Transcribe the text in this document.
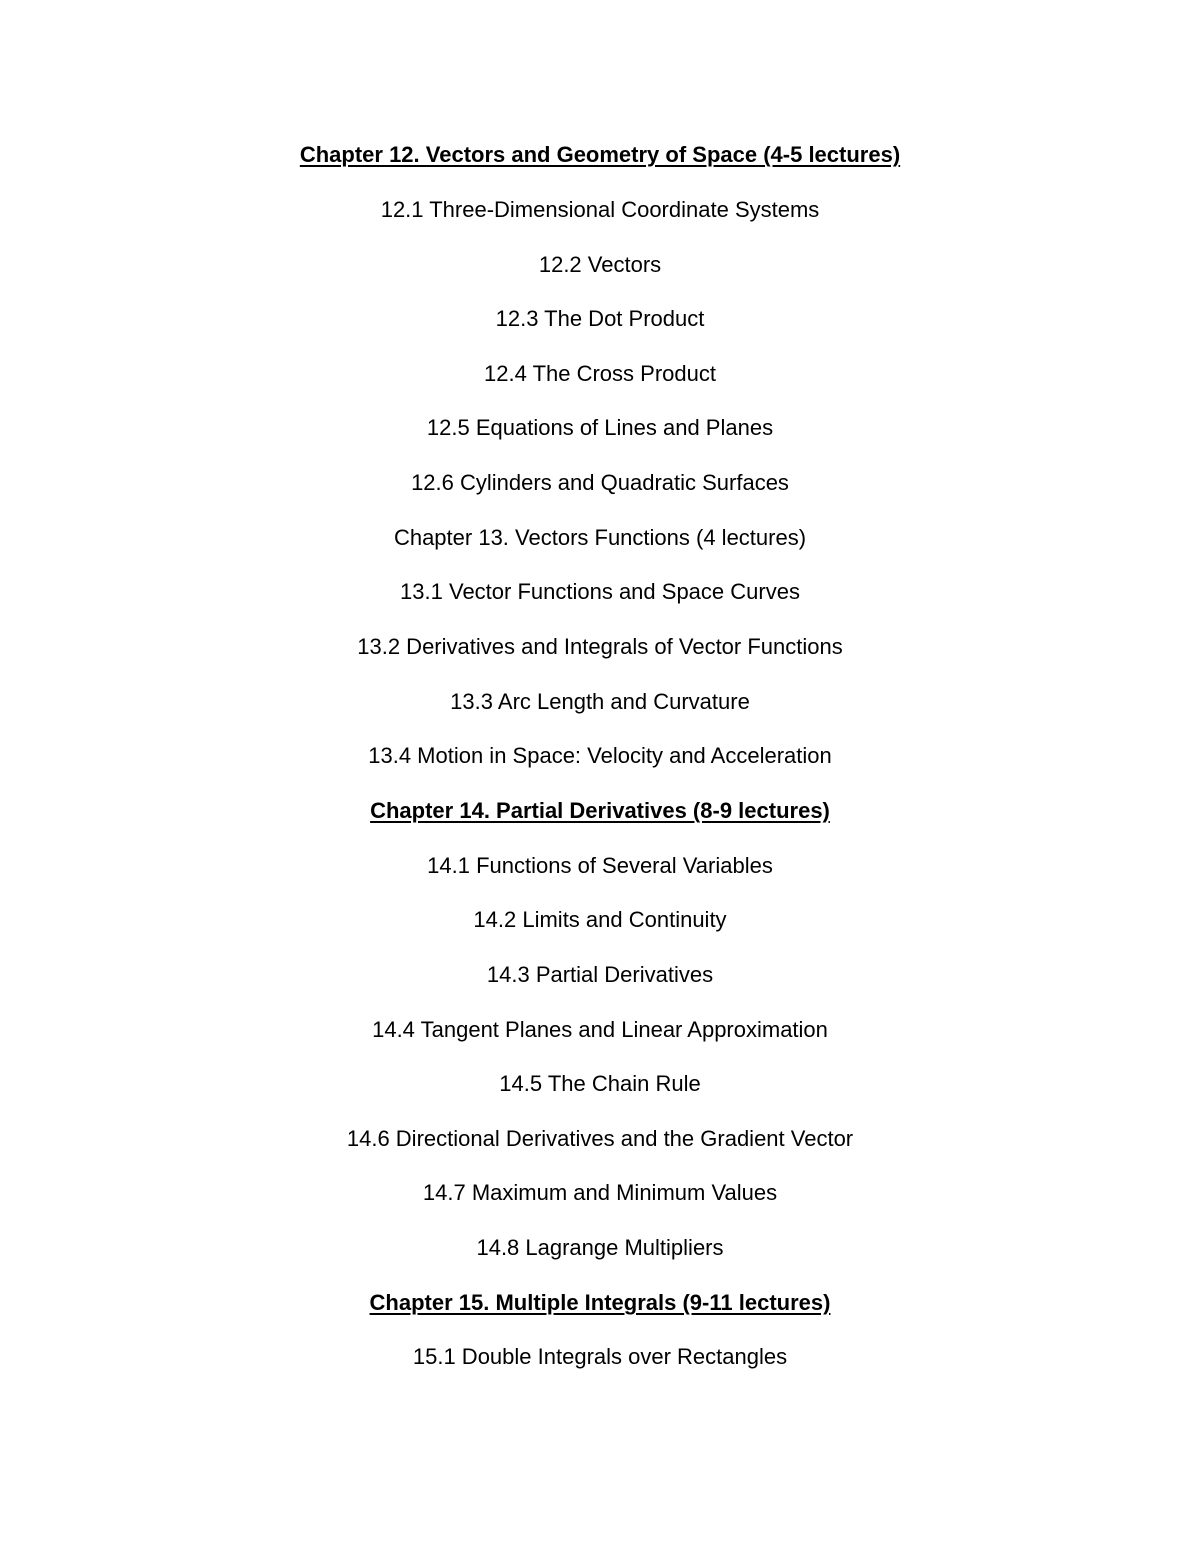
Chapter 12. Vectors and Geometry of Space (4-5 lectures)
12.1 Three-Dimensional Coordinate Systems
12.2 Vectors
12.3 The Dot Product
12.4 The Cross Product
12.5 Equations of Lines and Planes
12.6 Cylinders and Quadratic Surfaces
Chapter 13. Vectors Functions (4 lectures)
13.1 Vector Functions and Space Curves
13.2 Derivatives and Integrals of Vector Functions
13.3 Arc Length and Curvature
13.4 Motion in Space: Velocity and Acceleration
Chapter 14. Partial Derivatives (8-9 lectures)
14.1 Functions of Several Variables
14.2 Limits and Continuity
14.3 Partial Derivatives
14.4 Tangent Planes and Linear Approximation
14.5 The Chain Rule
14.6 Directional Derivatives and the Gradient Vector
14.7 Maximum and Minimum Values
14.8 Lagrange Multipliers
Chapter 15. Multiple Integrals (9-11 lectures)
15.1 Double Integrals over Rectangles
